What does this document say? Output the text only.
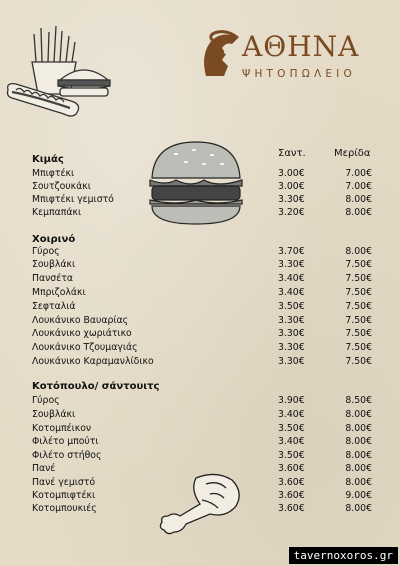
ΑΘΗΝΑ
ΨΗΤΟΠΩΛΕΙΟ
Σαντ.	Μερίδα
Κιμάς
Μπιφτέκι	3.00€	7.00€
Σουτζουκάκι	3.00€	7.00€
Μπιφτέκι γεμιστό	3.30€	8.00€
Κεμπαπάκι	3.20€	8.00€
Χοιρινό
Γύρος	3.70€	8.00€
Σουβλάκι	3.30€	7.50€
Πανσέτα	3.40€	7.50€
Μπριζολάκι	3.40€	7.50€
Σεφταλιά	3.50€	7.50€
Λουκάνικο Βαυαρίας	3.30€	7.50€
Λουκάνικο χωριάτικο	3.30€	7.50€
Λουκάνικο Τζουμαγιάς	3.30€	7.50€
Λουκάνικο Καραμανλίδικο	3.30€	7.50€
Κοτόπουλο/ σάντουιτς
Γύρος	3.90€	8.50€
Σουβλάκι	3.40€	8.00€
Κοτομπέικον	3.50€	8.00€
Φιλέτο μπούτι	3.40€	8.00€
Φιλέτο στήθος	3.50€	8.00€
Πανέ	3.60€	8.00€
Πανέ γεμιστό	3.60€	8.00€
Κοτομπιφτέκι	3.60€	9.00€
Κοτομπουκιές	3.60€	8.00€
tavernoxoros.gr
